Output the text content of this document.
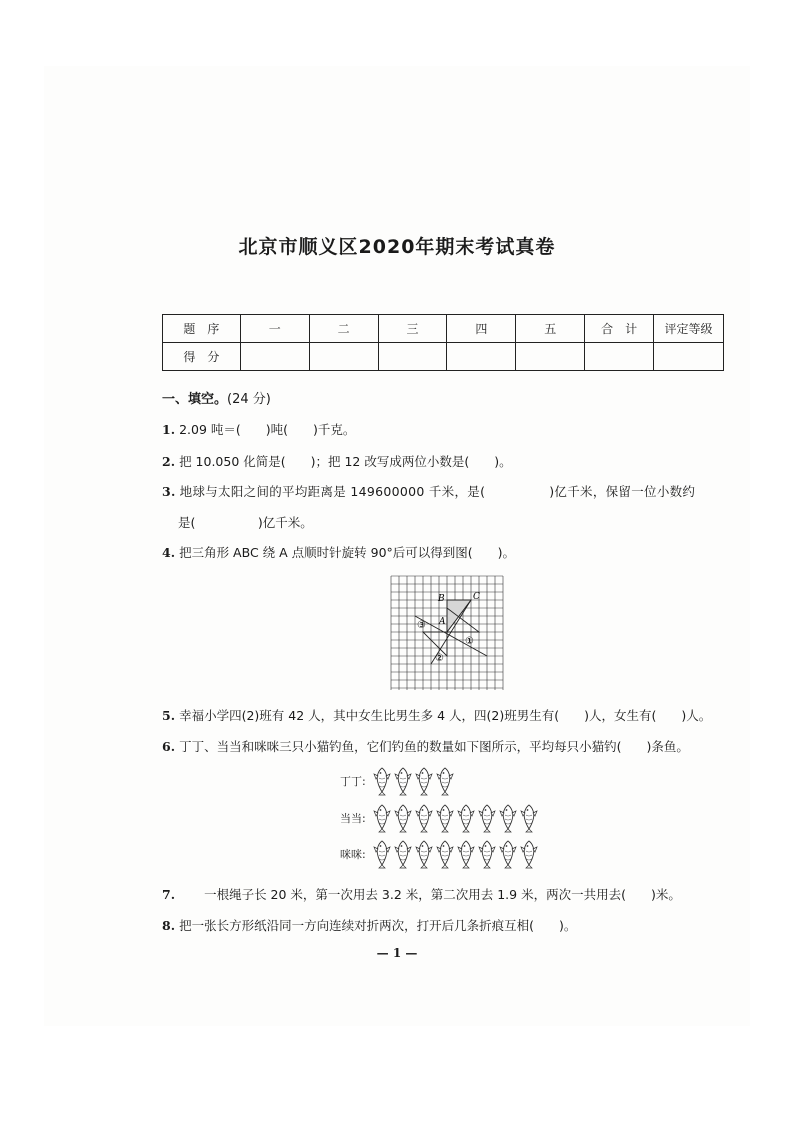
北京市顺义区2020年期末考试真卷
题　序	一	二	三	四	五	合　计	评定等级
得　分							
一、填空。(24 分)
1. 2.09 吨＝(　　)吨(　　)千克。
2. 把 10.050 化简是(　　)；把 12 改写成两位小数是(　　)。
3. 地球与太阳之间的平均距离是 149600000 千米，是(　　　　　)亿千米，保留一位小数约
是(　　　　　)亿千米。
4. 把三角形 ABC 绕 A 点顺时针旋转 90°后可以得到图(　　)。
B	C
A
③
①
②
5. 幸福小学四(2)班有 42 人，其中女生比男生多 4 人，四(2)班男生有(　　)人，女生有(　　)人。
6. 丁丁、当当和咪咪三只小猫钓鱼，它们钓鱼的数量如下图所示，平均每只小猫钓(　　)条鱼。
丁丁:
当当:
咪咪:
7.　　一根绳子长 20 米，第一次用去 3.2 米，第二次用去 1.9 米，两次一共用去(　　)米。
8. 把一张长方形纸沿同一方向连续对折两次，打开后几条折痕互相(　　)。
— 1 —
